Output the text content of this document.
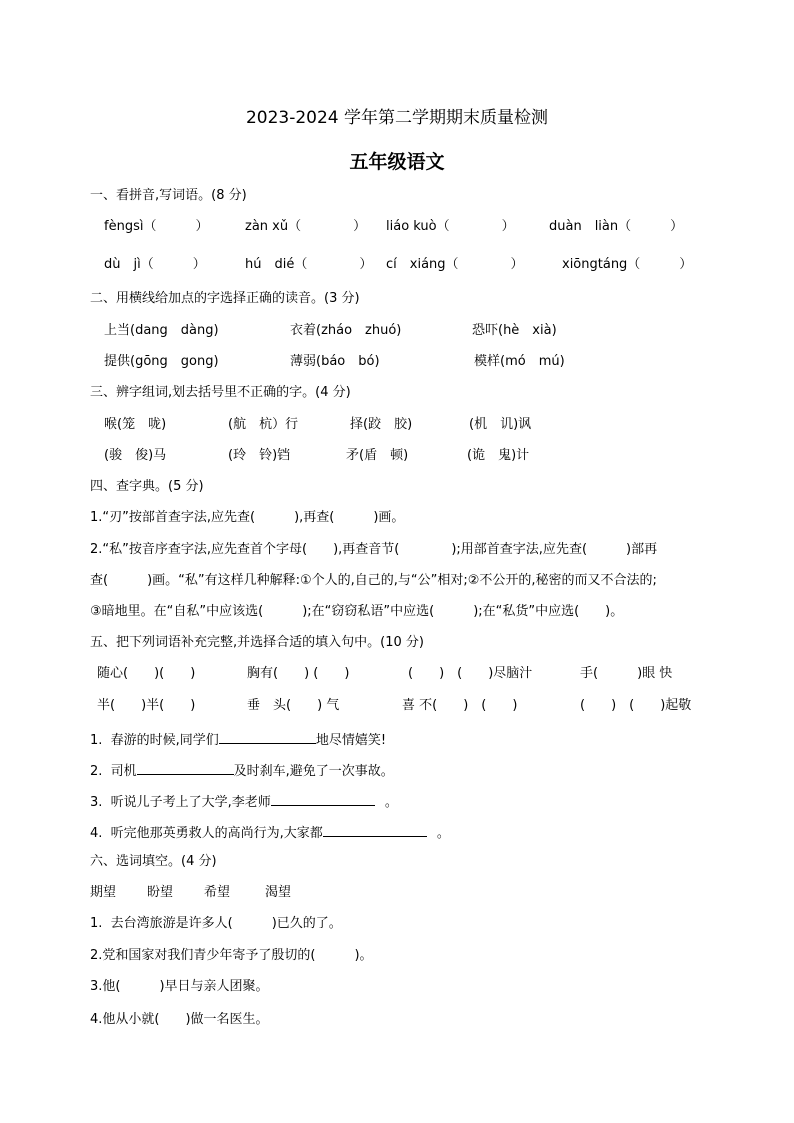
2023-2024 学年第二学期期末质量检测
五年级语文
一、看拼音,写词语。(8 分)
fèngsì（　　　）	zàn xǔ（　　　　） liáo kuò（　　　　）	duàn　liàn（　　　）
dù　jì（　　　）	hú　dié（　　　　） cí　xiáng（　　　　）	xiōngtáng（　　　）
二、用横线给加点的字选择正确的读音。(3 分)
上当(dang　dàng)	衣着(zháo　zhuó)	恐吓(hè　xià)
提供(gōng　gong)	薄弱(báo　bó)	模样(mó　mú)
三、辨字组词,划去括号里不正确的字。(4 分)
喉(笼　咙)	(航　杭）行	择(跤　胶)	(机　讥)讽
(骏　俊)马	(玲　铃)铛	矛(盾　顿)	(诡　鬼)计
四、查字典。(5 分)
1.“刃”按部首查字法,应先查(　　　),再查(　　　)画。
2.“私”按音序查字法,应先查首个字母(　　),再查音节(　　　　);用部首查字法,应先查(　　　)部再
查(　　　)画。“私”有这样几种解释:①个人的,自己的,与“公”相对;②不公开的,秘密的而又不合法的;
③暗地里。在“自私”中应该选(　　　);在“窃窃私语”中应选(　　　);在“私货”中应选(　　)。
五、把下列词语补充完整,并选择合适的填入句中。(10 分)
随心(　　)(　　)	胸有(　　) (　　)	(　　)　(　　)尽脑汁	手(　　　)眼 快
半(　　)半(　　)	垂　头(　　) 气	喜 不(　　)　(　　)	(　　)　(　　)起敬
1.  春游的时候,同学们	地尽情嬉笑!
2.  司机	及时刹车,避免了一次事故。
3.  听说儿子考上了大学,李老师	。
4.  听完他那英勇救人的高尚行为,大家都	。
六、选词填空。(4 分)
期望 盼望 希望	渴望
1.  去台湾旅游是许多人(　　　)已久的了。
2.党和国家对我们青少年寄予了殷切的(　　　)。
3.他(　　　)早日与亲人团聚。
4.他从小就(　　)做一名医生。
